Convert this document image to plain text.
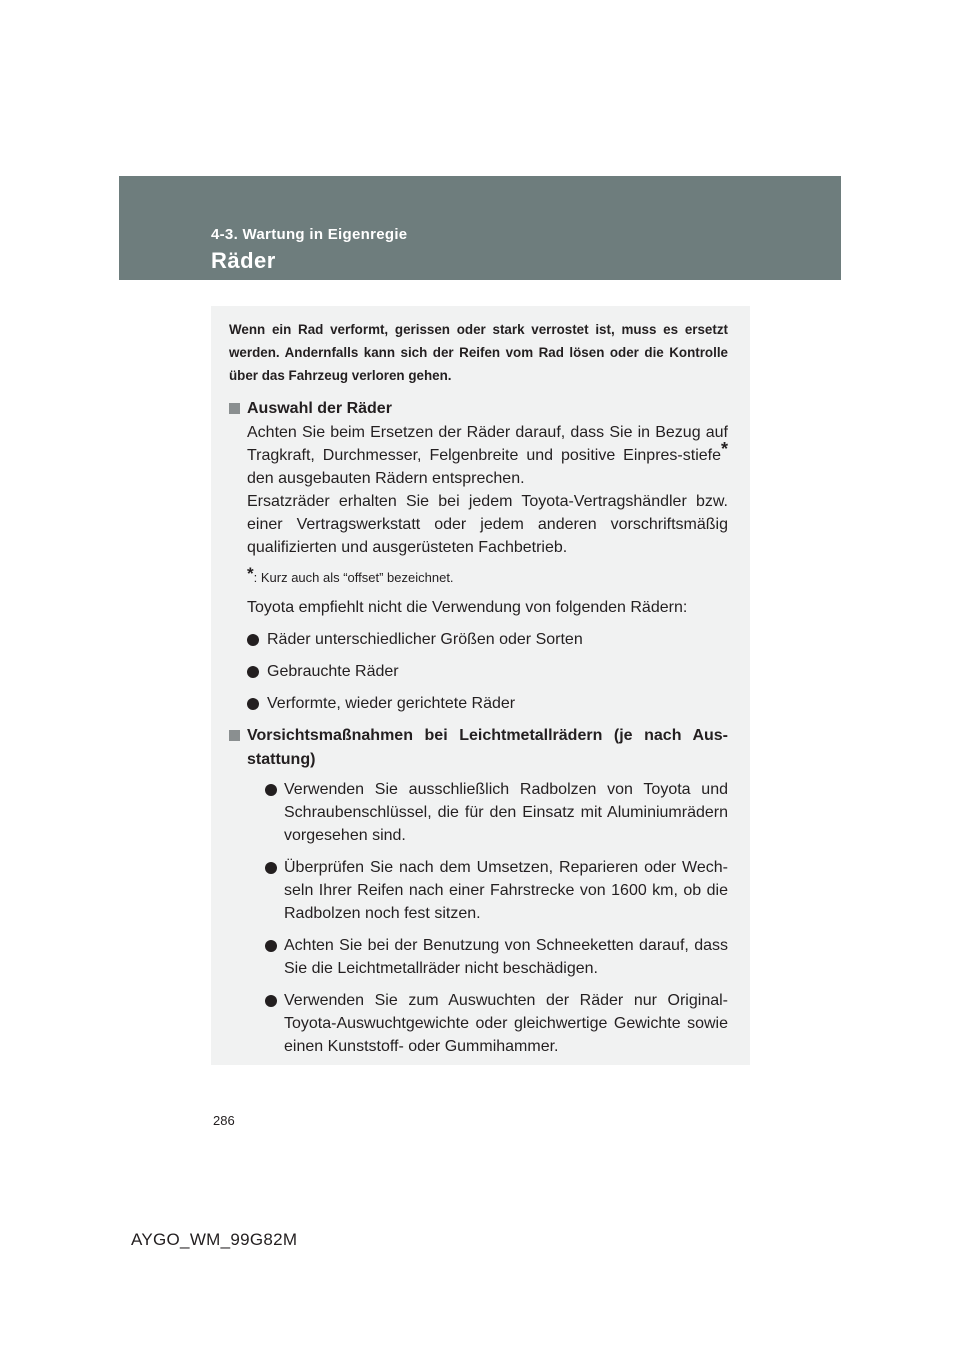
4-3. Wartung in Eigenregie
Räder

Wenn ein Rad verformt, gerissen oder stark verrostet ist, muss es ersetzt werden. Andernfalls kann sich der Reifen vom Rad lösen oder die Kontrolle über das Fahrzeug verloren gehen.

Auswahl der Räder

Achten Sie beim Ersetzen der Räder darauf, dass Sie in Bezug auf Tragkraft, Durchmesser, Felgenbreite und positive Einpres-stiefe* den ausgebauten Rädern entsprechen.

Ersatzräder erhalten Sie bei jedem Toyota-Vertragshändler bzw. einer Vertragswerkstatt oder jedem anderen vorschriftsmäßig qualifizierten und ausgerüsteten Fachbetrieb.

*: Kurz auch als “offset” bezeichnet.

Toyota empfiehlt nicht die Verwendung von folgenden Rädern:

Räder unterschiedlicher Größen oder Sorten

Gebrauchte Räder

Verformte, wieder gerichtete Räder

Vorsichtsmaßnahmen bei Leichtmetallrädern (je nach Aus-stattung)

Verwenden Sie ausschließlich Radbolzen von Toyota und Schraubenschlüssel, die für den Einsatz mit Aluminiumrädern vorgesehen sind.

Überprüfen Sie nach dem Umsetzen, Reparieren oder Wech-seln Ihrer Reifen nach einer Fahrstrecke von 1600 km, ob die Radbolzen noch fest sitzen.

Achten Sie bei der Benutzung von Schneeketten darauf, dass Sie die Leichtmetallräder nicht beschädigen.

Verwenden Sie zum Auswuchten der Räder nur Original-Toyota-Auswuchtgewichte oder gleichwertige Gewichte sowie einen Kunststoff- oder Gummihammer.

286
AYGO_WM_99G82M
